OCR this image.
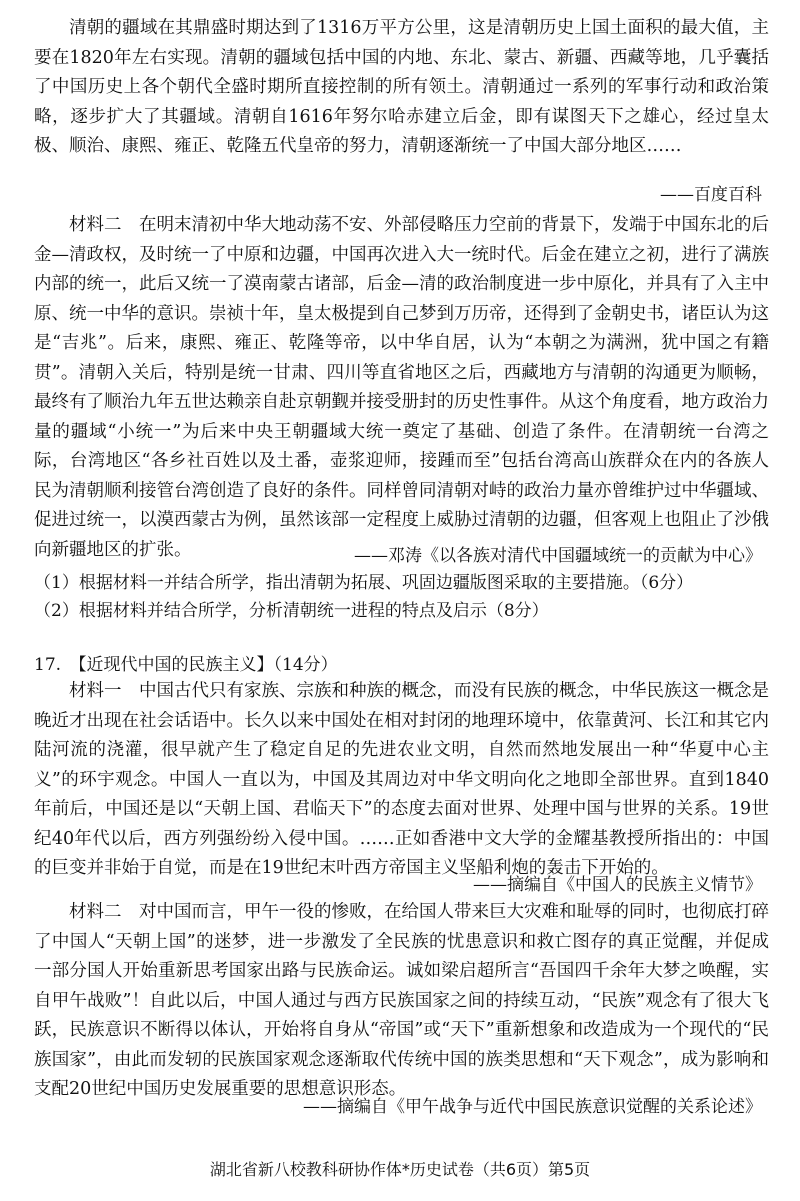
清朝的疆域在其鼎盛时期达到了1316万平方公里，这是清朝历史上国土面积的最大值，主要在1820年左右实现。清朝的疆域包括中国的内地、东北、蒙古、新疆、西藏等地，几乎囊括了中国历史上各个朝代全盛时期所直接控制的所有领土。清朝通过一系列的军事行动和政治策略，逐步扩大了其疆域。清朝自1616年努尔哈赤建立后金，即有谋图天下之雄心，经过皇太极、顺治、康熙、雍正、乾隆五代皇帝的努力，清朝逐渐统一了中国大部分地区……

——百度百科

材料二　在明末清初中华大地动荡不安、外部侵略压力空前的背景下，发端于中国东北的后金—清政权，及时统一了中原和边疆，中国再次进入大一统时代。后金在建立之初，进行了满族内部的统一，此后又统一了漠南蒙古诸部，后金—清的政治制度进一步中原化，并具有了入主中原、统一中华的意识。崇祯十年，皇太极提到自己梦到万历帝，还得到了金朝史书，诸臣认为这是“吉兆”。后来，康熙、雍正、乾隆等帝，以中华自居，认为“本朝之为满洲，犹中国之有籍贯”。清朝入关后，特别是统一甘肃、四川等直省地区之后，西藏地方与清朝的沟通更为顺畅，最终有了顺治九年五世达赖亲自赴京朝觐并接受册封的历史性事件。从这个角度看，地方政治力量的疆域“小统一”为后来中央王朝疆域大统一奠定了基础、创造了条件。在清朝统一台湾之际，台湾地区“各乡社百姓以及土番，壶浆迎师，接踵而至”包括台湾高山族群众在内的各族人民为清朝顺利接管台湾创造了良好的条件。同样曾同清朝对峙的政治力量亦曾维护过中华疆域、促进过统一，以漠西蒙古为例，虽然该部一定程度上威胁过清朝的边疆，但客观上也阻止了沙俄向新疆地区的扩张。	——邓涛《以各族对清代中国疆域统一的贡献为中心》

（1）根据材料一并结合所学，指出清朝为拓展、巩固边疆版图采取的主要措施。（6分）

（2）根据材料并结合所学，分析清朝统一进程的特点及启示（8分）

17.　【近现代中国的民族主义】（14分）

材料一　中国古代只有家族、宗族和种族的概念，而没有民族的概念，中华民族这一概念是晚近才出现在社会话语中。长久以来中国处在相对封闭的地理环境中，依靠黄河、长江和其它内陆河流的浇灌，很早就产生了稳定自足的先进农业文明，自然而然地发展出一种“华夏中心主义”的环宇观念。中国人一直以为，中国及其周边对中华文明向化之地即全部世界。直到1840年前后，中国还是以“天朝上国、君临天下”的态度去面对世界、处理中国与世界的关系。19世纪40年代以后，西方列强纷纷入侵中国。……正如香港中文大学的金耀基教授所指出的：中国的巨变并非始于自觉，而是在19世纪末叶西方帝国主义坚船利炮的轰击下开始的。

——摘编自《中国人的民族主义情节》

材料二　对中国而言，甲午一役的惨败，在给国人带来巨大灾难和耻辱的同时，也彻底打碎了中国人“天朝上国”的迷梦，进一步激发了全民族的忧患意识和救亡图存的真正觉醒，并促成一部分国人开始重新思考国家出路与民族命运。诚如梁启超所言“吾国四千余年大梦之唤醒，实自甲午战败”！自此以后，中国人通过与西方民族国家之间的持续互动，“民族”观念有了很大飞跃，民族意识不断得以体认，开始将自身从“帝国”或“天下”重新想象和改造成为一个现代的“民族国家”，由此而发轫的民族国家观念逐渐取代传统中国的族类思想和“天下观念”，成为影响和支配20世纪中国历史发展重要的思想意识形态。

——摘编自《甲午战争与近代中国民族意识觉醒的关系论述》

湖北省新八校教科研协作体*历史试卷（共6页）第5页
